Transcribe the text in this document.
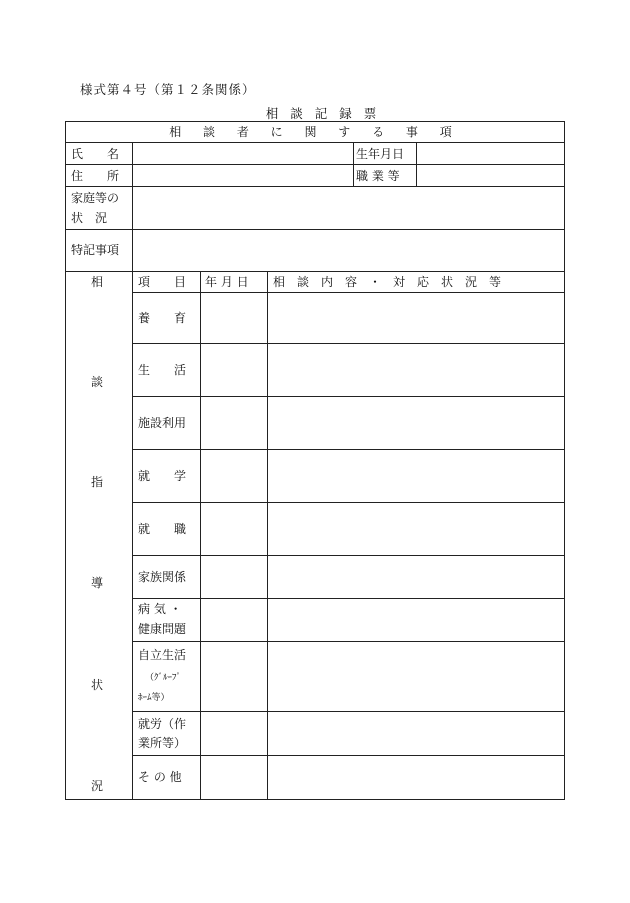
様式第４号（第１２条関係）
相談記録票
相 談 者 に 関 す る 事 項
氏　　名	生年月日
住　　所	職 業 等
家庭等の
状　況
特記事項
相
談
指
導
状
況
項　　目 年 月 日 相　談　内　容　・　対　応　状　況　等
養　　育
生　　活
施設利用
就　　学
就　　職
家族関係
病 気 ・
健康問題
自立生活
（ｸﾞﾙｰﾌﾟ
ﾎｰﾑ等）
就労（作
業所等）
そ の 他
